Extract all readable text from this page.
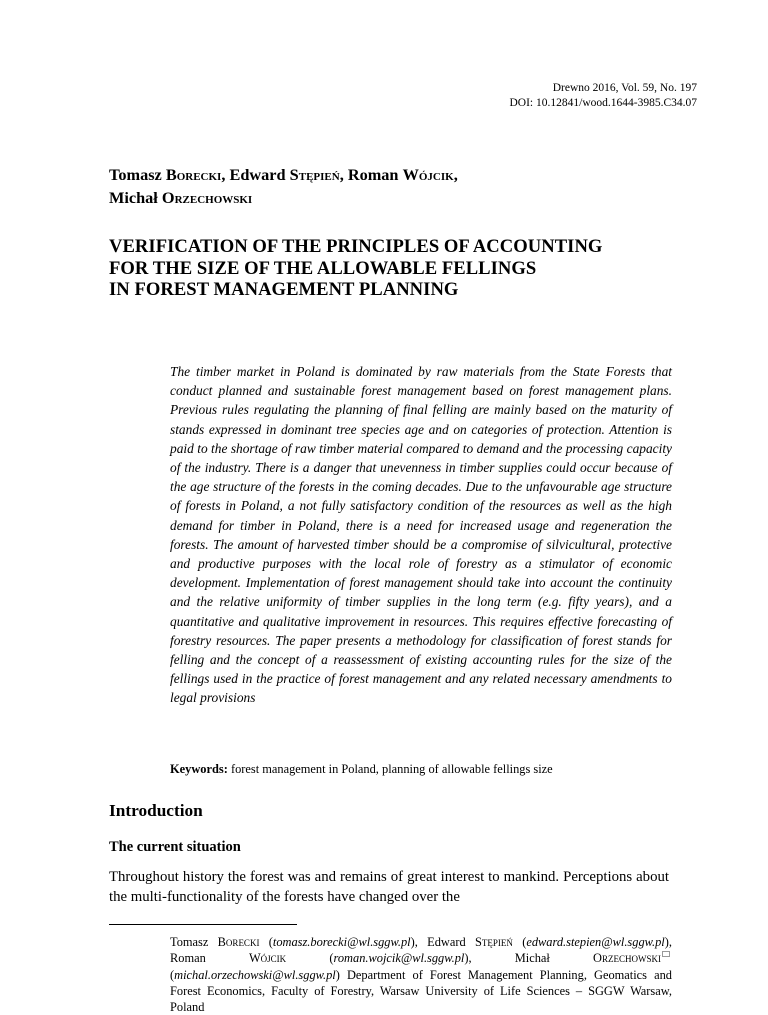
Drewno 2016, Vol. 59, No. 197
DOI: 10.12841/wood.1644-3985.C34.07
Tomasz Borecki, Edward Stępień, Roman Wójcik,
Michał Orzechowski
VERIFICATION OF THE PRINCIPLES OF ACCOUNTING
FOR THE SIZE OF THE ALLOWABLE FELLINGS
IN FOREST MANAGEMENT PLANNING
The timber market in Poland is dominated by raw materials from the State Forests that conduct planned and sustainable forest management based on forest management plans. Previous rules regulating the planning of final felling are mainly based on the maturity of stands expressed in dominant tree species age and on categories of protection. Attention is paid to the shortage of raw timber material compared to demand and the processing capacity of the industry. There is a danger that unevenness in timber supplies could occur because of the age structure of the forests in the coming decades. Due to the unfavourable age structure of forests in Poland, a not fully satisfactory condition of the resources as well as the high demand for timber in Poland, there is a need for increased usage and regeneration the forests. The amount of harvested timber should be a compromise of silvicultural, protective and productive purposes with the local role of forestry as a stimulator of economic development. Implementation of forest management should take into account the continuity and the relative uniformity of timber supplies in the long term (e.g. fifty years), and a quantitative and qualitative improvement in resources. This requires effective forecasting of forestry resources. The paper presents a methodology for classification of forest stands for felling and the concept of a reassessment of existing accounting rules for the size of the fellings used in the practice of forest management and any related necessary amendments to legal provisions
Keywords: forest management in Poland, planning of allowable fellings size
Introduction
The current situation
Throughout history the forest was and remains of great interest to mankind. Perceptions about the multi-functionality of the forests have changed over the
Tomasz Borecki (tomasz.borecki@wl.sggw.pl), Edward Stępień (edward.stepien@wl.sggw.pl), Roman	Wójcik (roman.wojcik@wl.sggw.pl), Michał	Orzechowski (michal.orzechowski@wl.sggw.pl) Department of Forest Management Planning, Geomatics and Forest Economics, Faculty of Forestry, Warsaw University of Life Sciences – SGGW Warsaw, Poland
